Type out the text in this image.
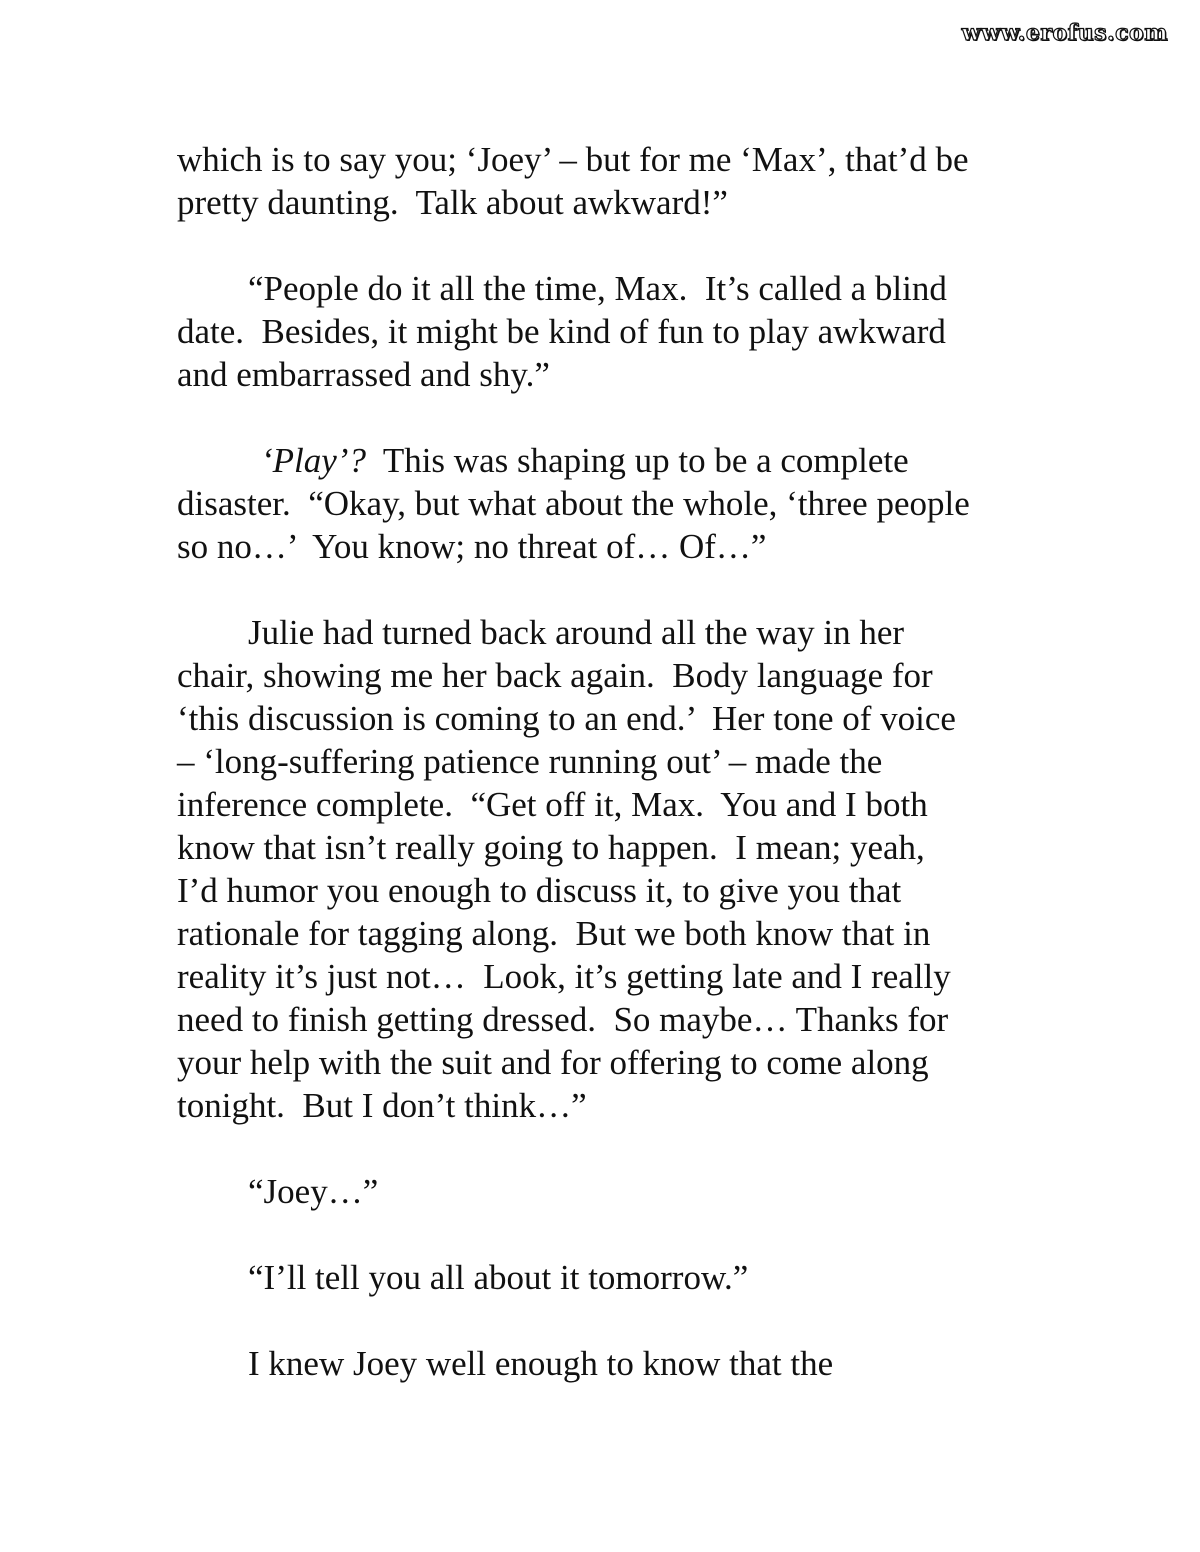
www.erofus.com
which is to say you; ‘Joey’ – but for me ‘Max’, that’d be
pretty daunting.  Talk about awkward!”
“People do it all the time, Max.  It’s called a blind
date.  Besides, it might be kind of fun to play awkward
and embarrassed and shy.”
‘Play’?  This was shaping up to be a complete
disaster.  “Okay, but what about the whole, ‘three people
so no…’  You know; no threat of… Of…”
Julie had turned back around all the way in her
chair, showing me her back again.  Body language for
‘this discussion is coming to an end.’  Her tone of voice
– ‘long-suffering patience running out’ – made the
inference complete.  “Get off it, Max.  You and I both
know that isn’t really going to happen.  I mean; yeah,
I’d humor you enough to discuss it, to give you that
rationale for tagging along.  But we both know that in
reality it’s just not…  Look, it’s getting late and I really
need to finish getting dressed.  So maybe… Thanks for
your help with the suit and for offering to come along
tonight.  But I don’t think…”
“Joey…”
“I’ll tell you all about it tomorrow.”
I knew Joey well enough to know that the
